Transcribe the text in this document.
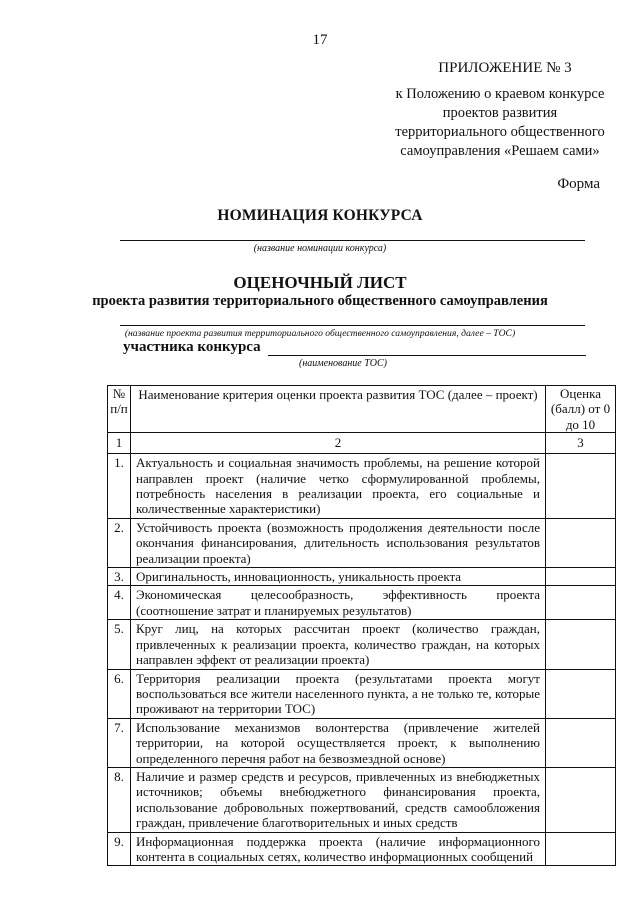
17
ПРИЛОЖЕНИЕ № 3
к Положению о краевом конкурсе
проектов развития
территориального общественного
самоуправления «Решаем сами»
Форма
НОМИНАЦИЯ КОНКУРСА
(название номинации конкурса)
ОЦЕНОЧНЫЙ ЛИСТ
проекта развития территориального общественного самоуправления
(название проекта развития территориального общественного самоуправления, далее – ТОС)
участника конкурса
(наименование ТОС)
№ п/п	Наименование критерия оценки проекта развития ТОС (далее – проект)	Оценка (балл) от 0 до 10
1	2	3
1.	Актуальность и социальная значимость проблемы, на решение которой направлен проект (наличие четко сформулированной проблемы, потребность населения в реализации проекта, его социальные и количественные характеристики)	
2.	Устойчивость проекта (возможность продолжения деятельности после окончания финансирования, длительность использования результатов реализации проекта)	
3.	Оригинальность, инновационность, уникальность проекта	
4.	Экономическая целесообразность, эффективность проекта (соотношение затрат и планируемых результатов)	
5.	Круг лиц, на которых рассчитан проект (количество граждан, привлеченных к реализации проекта, количество граждан, на которых направлен эффект от реализации проекта)	
6.	Территория реализации проекта (результатами проекта могут воспользоваться все жители населенного пункта, а не только те, которые проживают на территории ТОС)	
7.	Использование механизмов волонтерства (привлечение жителей территории, на которой осуществляется проект, к выполнению определенного перечня работ на безвозмездной основе)	
8.	Наличие и размер средств и ресурсов, привлеченных из внебюджетных источников; объемы внебюджетного финансирования проекта, использование добровольных пожертвований, средств самообложения граждан, привлечение благотворительных и иных средств	
9.	Информационная поддержка проекта (наличие информационного контента в социальных сетях, количество информационных сообщений	
